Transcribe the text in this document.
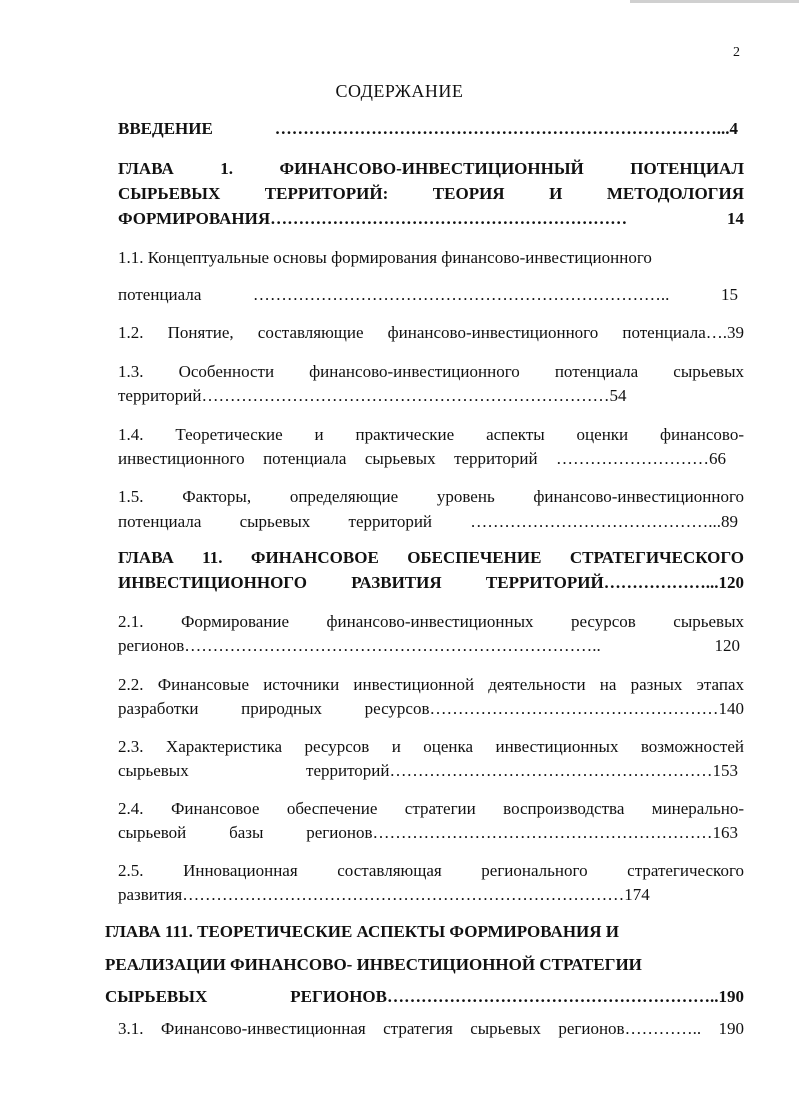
2
СОДЕРЖАНИЕ
ВВЕДЕНИЕ ……………………………………………………………………...4
ГЛАВА 1. ФИНАНСОВО-ИНВЕСТИЦИОННЫЙ ПОТЕНЦИАЛ
СЫРЬЕВЫХ ТЕРРИТОРИЙ: ТЕОРИЯ И МЕТОДОЛОГИЯ
ФОРМИРОВАНИЯ……………………………………………………… 14
1.1. Концептуальные основы формирования финансово-инвестиционного
потенциала ……………………………………………………………….. 15
1.2. Понятие, составляющие финансово-инвестиционного потенциала….39
1.3. Особенности финансово-инвестиционного потенциала сырьевых
территорий………………………………………………………………54
1.4. Теоретические и практические аспекты оценки финансово-
инвестиционного потенциала сырьевых территорий ………………………66
1.5. Факторы, определяющие уровень финансово-инвестиционного
потенциала сырьевых территорий ……………………………………...89
ГЛАВА 11. ФИНАНСОВОЕ ОБЕСПЕЧЕНИЕ СТРАТЕГИЧЕСКОГО
ИНВЕСТИЦИОННОГО РАЗВИТИЯ ТЕРРИТОРИЙ………………...120
2.1. Формирование финансово-инвестиционных ресурсов сырьевых
регионов……………………………………………………………….. 120
2.2. Финансовые источники инвестиционной деятельности на разных этапах
разработки природных ресурсов……………………………………………140
2.3. Характеристика ресурсов и оценка инвестиционных возможностей
сырьевых территорий…………………………………………………153
2.4. Финансовое обеспечение стратегии воспроизводства минерально-
сырьевой базы регионов……………………………………………………163
2.5. Инновационная составляющая регионального стратегического
развития……………………………………………………………………174
ГЛАВА 111. ТЕОРЕТИЧЕСКИЕ АСПЕКТЫ ФОРМИРОВАНИЯ И
РЕАЛИЗАЦИИ ФИНАНСОВО- ИНВЕСТИЦИОННОЙ СТРАТЕГИИ
СЫРЬЕВЫХ РЕГИОНОВ…………………………………………………..190
3.1. Финансово-инвестиционная стратегия сырьевых регионов………….. 190
